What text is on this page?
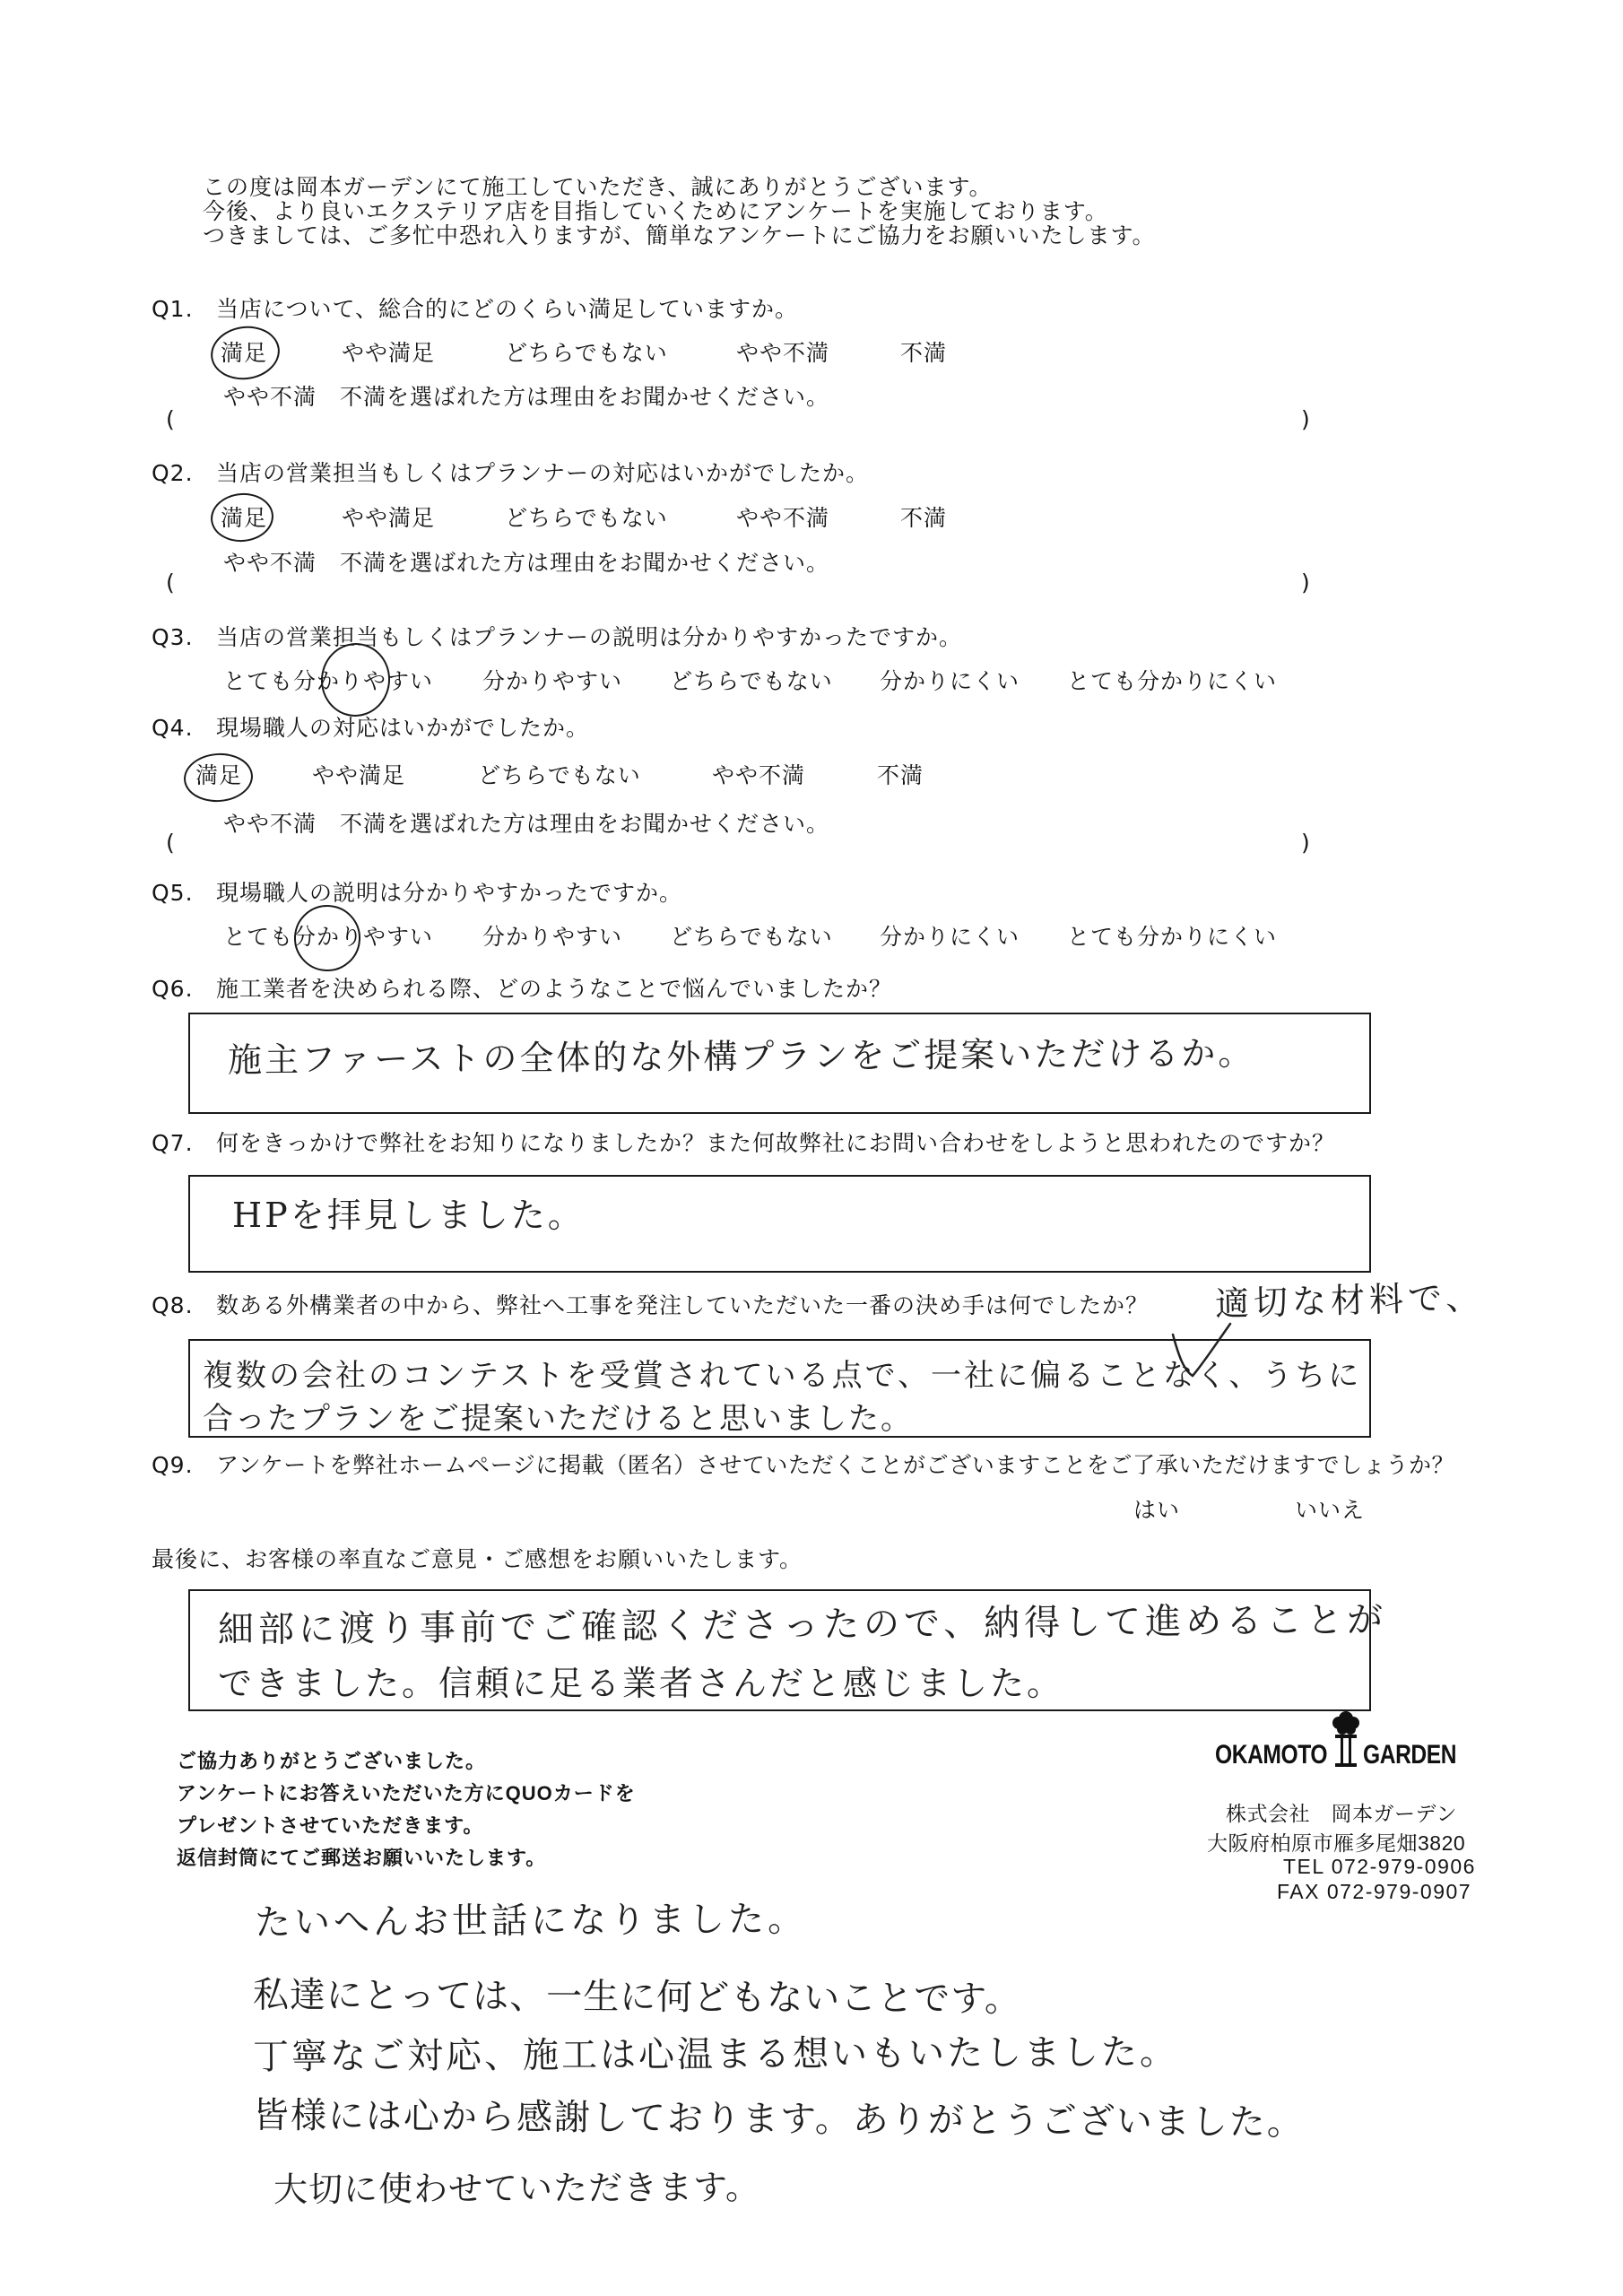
この度は岡本ガーデンにて施工していただき、誠にありがとうございます。
今後、より良いエクステリア店を目指していくためにアンケートを実施しております。
つきましては、ご多忙中恐れ入りますが、簡単なアンケートにご協力をお願いいたします。
Q1. 当店について、総合的にどのくらい満足していますか。
満足	やや満足	どちらでもない	やや不満	不満
やや不満　不満を選ばれた方は理由をお聞かせください。
(	)
Q2. 当店の営業担当もしくはプランナーの対応はいかがでしたか。
満足	やや満足	どちらでもない	やや不満	不満
やや不満　不満を選ばれた方は理由をお聞かせください。
(	)
Q3. 当店の営業担当もしくはプランナーの説明は分かりやすかったですか。
とても分かりやすい 分かりやすい どちらでもない 分かりにくい とても分かりにくい
Q4. 現場職人の対応はいかがでしたか。
満足	やや満足	どちらでもない	やや不満	不満
やや不満　不満を選ばれた方は理由をお聞かせください。
(	)
Q5. 現場職人の説明は分かりやすかったですか。
とても分かりやすい 分かりやすい どちらでもない 分かりにくい とても分かりにくい
Q6. 施工業者を決められる際、どのようなことで悩んでいましたか？
施主ファーストの全体的な外構プランをご提案いただけるか。
Q7. 何をきっかけで弊社をお知りになりましたか？また何故弊社にお問い合わせをしようと思われたのですか？
HPを拝見しました。
Q8. 数ある外構業者の中から、弊社へ工事を発注していただいた一番の決め手は何でしたか？ 適切な材料で、
複数の会社のコンテストを受賞されている点で、一社に偏ることなく、うちに
合ったプランをご提案いただけると思いました。
Q9. アンケートを弊社ホームページに掲載（匿名）させていただくことがございますことをご了承いただけますでしょうか？
はい	いいえ
最後に、お客様の率直なご意見・ご感想をお願いいたします。
細部に渡り事前でご確認くださったので、納得して進めることが
できました。信頼に足る業者さんだと感じました。
ご協力ありがとうございました。
アンケートにお答えいただいた方にQUOカードを
プレゼントさせていただきます。
返信封筒にてご郵送お願いいたします。
OKAMOTO GARDEN
株式会社　岡本ガーデン
大阪府柏原市雁多尾畑3820
TEL 072-979-0906
FAX 072-979-0907
たいへんお世話になりました。
私達にとっては、一生に何どもないことです。
丁寧なご対応、施工は心温まる想いもいたしました。
皆様には心から感謝しております。ありがとうございました。
大切に使わせていただきます。
